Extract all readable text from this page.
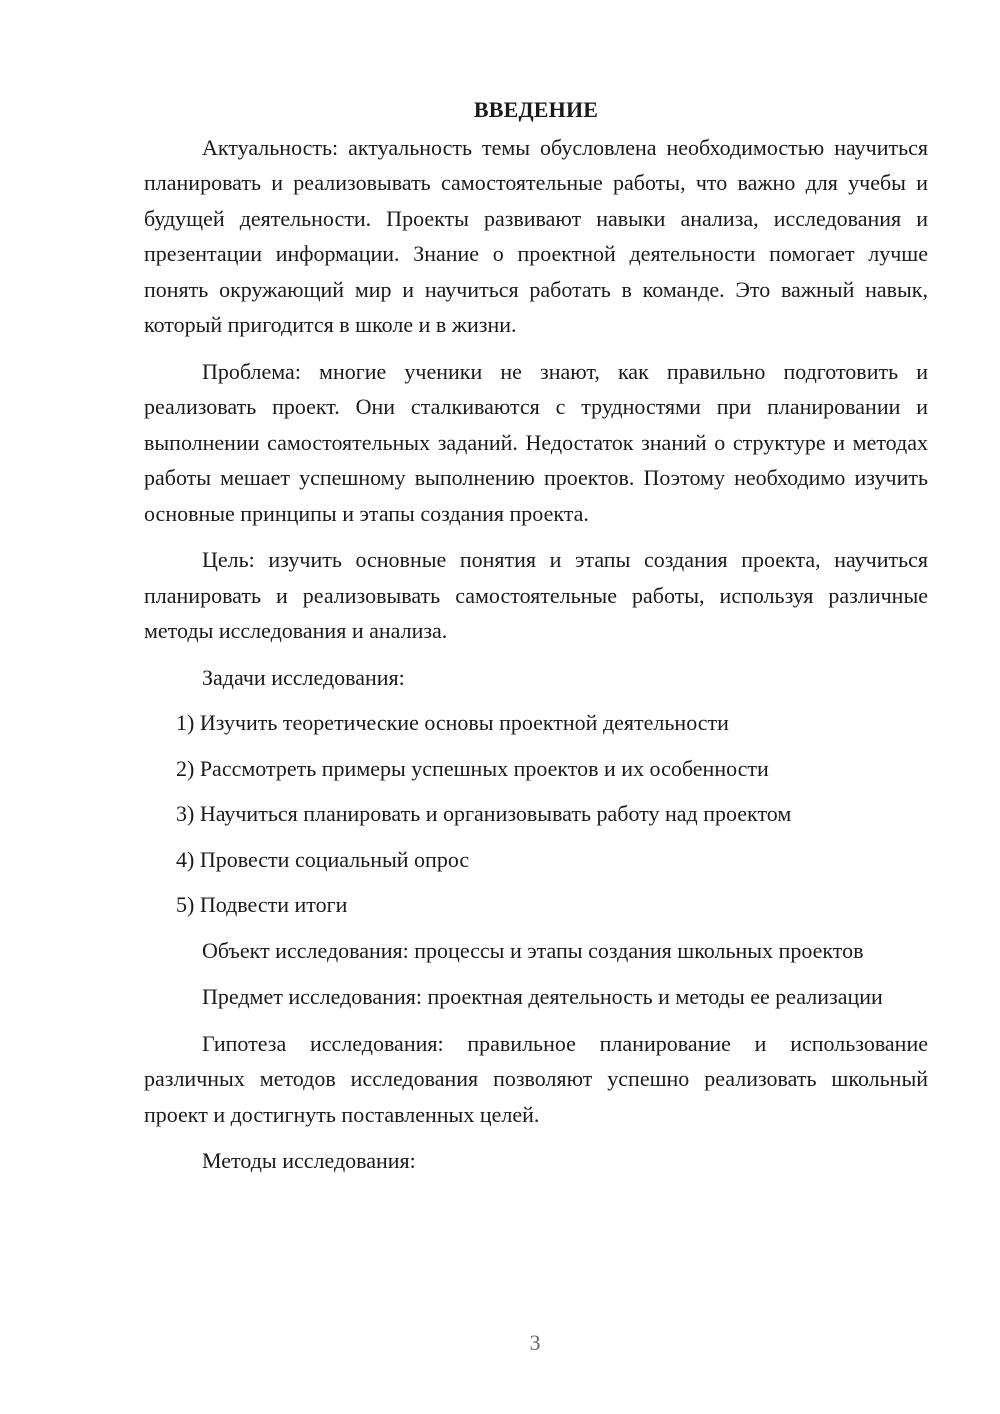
ВВЕДЕНИЕ

Актуальность: актуальность темы обусловлена необходимостью научиться планировать и реализовывать самостоятельные работы, что важно для учебы и будущей деятельности. Проекты развивают навыки анализа, исследования и презентации информации. Знание о проектной деятельности помогает лучше понять окружающий мир и научиться работать в команде. Это важный навык, который пригодится в школе и в жизни.

Проблема: многие ученики не знают, как правильно подготовить и реализовать проект. Они сталкиваются с трудностями при планировании и выполнении самостоятельных заданий. Недостаток знаний о структуре и методах работы мешает успешному выполнению проектов. Поэтому необходимо изучить основные принципы и этапы создания проекта.

Цель: изучить основные понятия и этапы создания проекта, научиться планировать и реализовывать самостоятельные работы, используя различные методы исследования и анализа.

Задачи исследования:

1) Изучить теоретические основы проектной деятельности
2) Рассмотреть примеры успешных проектов и их особенности
3) Научиться планировать и организовывать работу над проектом
4) Провести социальный опрос
5) Подвести итоги

Объект исследования: процессы и этапы создания школьных проектов

Предмет исследования: проектная деятельность и методы ее реализации

Гипотеза исследования: правильное планирование и использование различных методов исследования позволяют успешно реализовать школьный проект и достигнуть поставленных целей.

Методы исследования:

3
